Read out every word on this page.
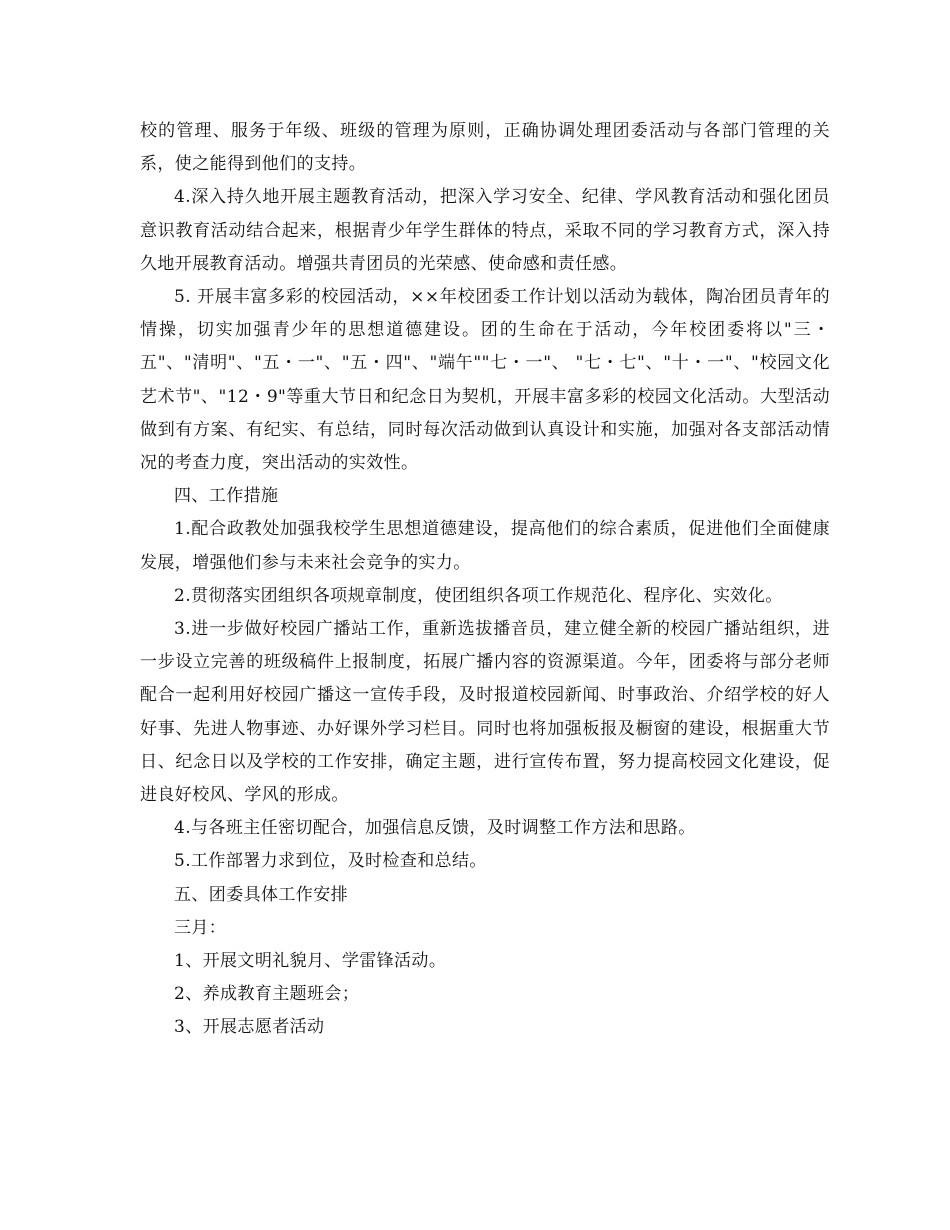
校的管理、服务于年级、班级的管理为原则，正确协调处理团委活动与各部门管理的关系，使之能得到他们的支持。

4.深入持久地开展主题教育活动，把深入学习安全、纪律、学风教育活动和强化团员意识教育活动结合起来，根据青少年学生群体的特点，采取不同的学习教育方式，深入持久地开展教育活动。增强共青团员的光荣感、使命感和责任感。

5. 开展丰富多彩的校园活动，××年校团委工作计划以活动为载体，陶冶团员青年的情操，切实加强青少年的思想道德建设。团的生命在于活动，今年校团委将以"三・五"、"清明"、"五・一"、"五・四"、"端午""七・一"、 "七・七"、"十・一"、"校园文化艺术节"、"12・9"等重大节日和纪念日为契机，开展丰富多彩的校园文化活动。大型活动做到有方案、有纪实、有总结，同时每次活动做到认真设计和实施，加强对各支部活动情况的考查力度，突出活动的实效性。

四、工作措施

1.配合政教处加强我校学生思想道德建设，提高他们的综合素质，促进他们全面健康发展，增强他们参与未来社会竞争的实力。

2.贯彻落实团组织各项规章制度，使团组织各项工作规范化、程序化、实效化。

3.进一步做好校园广播站工作，重新选拔播音员，建立健全新的校园广播站组织，进一步设立完善的班级稿件上报制度，拓展广播内容的资源渠道。今年，团委将与部分老师配合一起利用好校园广播这一宣传手段，及时报道校园新闻、时事政治、介绍学校的好人好事、先进人物事迹、办好课外学习栏目。同时也将加强板报及橱窗的建设，根据重大节日、纪念日以及学校的工作安排，确定主题，进行宣传布置，努力提高校园文化建设，促进良好校风、学风的形成。

4.与各班主任密切配合，加强信息反馈，及时调整工作方法和思路。

5.工作部署力求到位，及时检查和总结。

五、团委具体工作安排

三月：

1、开展文明礼貌月、学雷锋活动。

2、养成教育主题班会；

3、开展志愿者活动
